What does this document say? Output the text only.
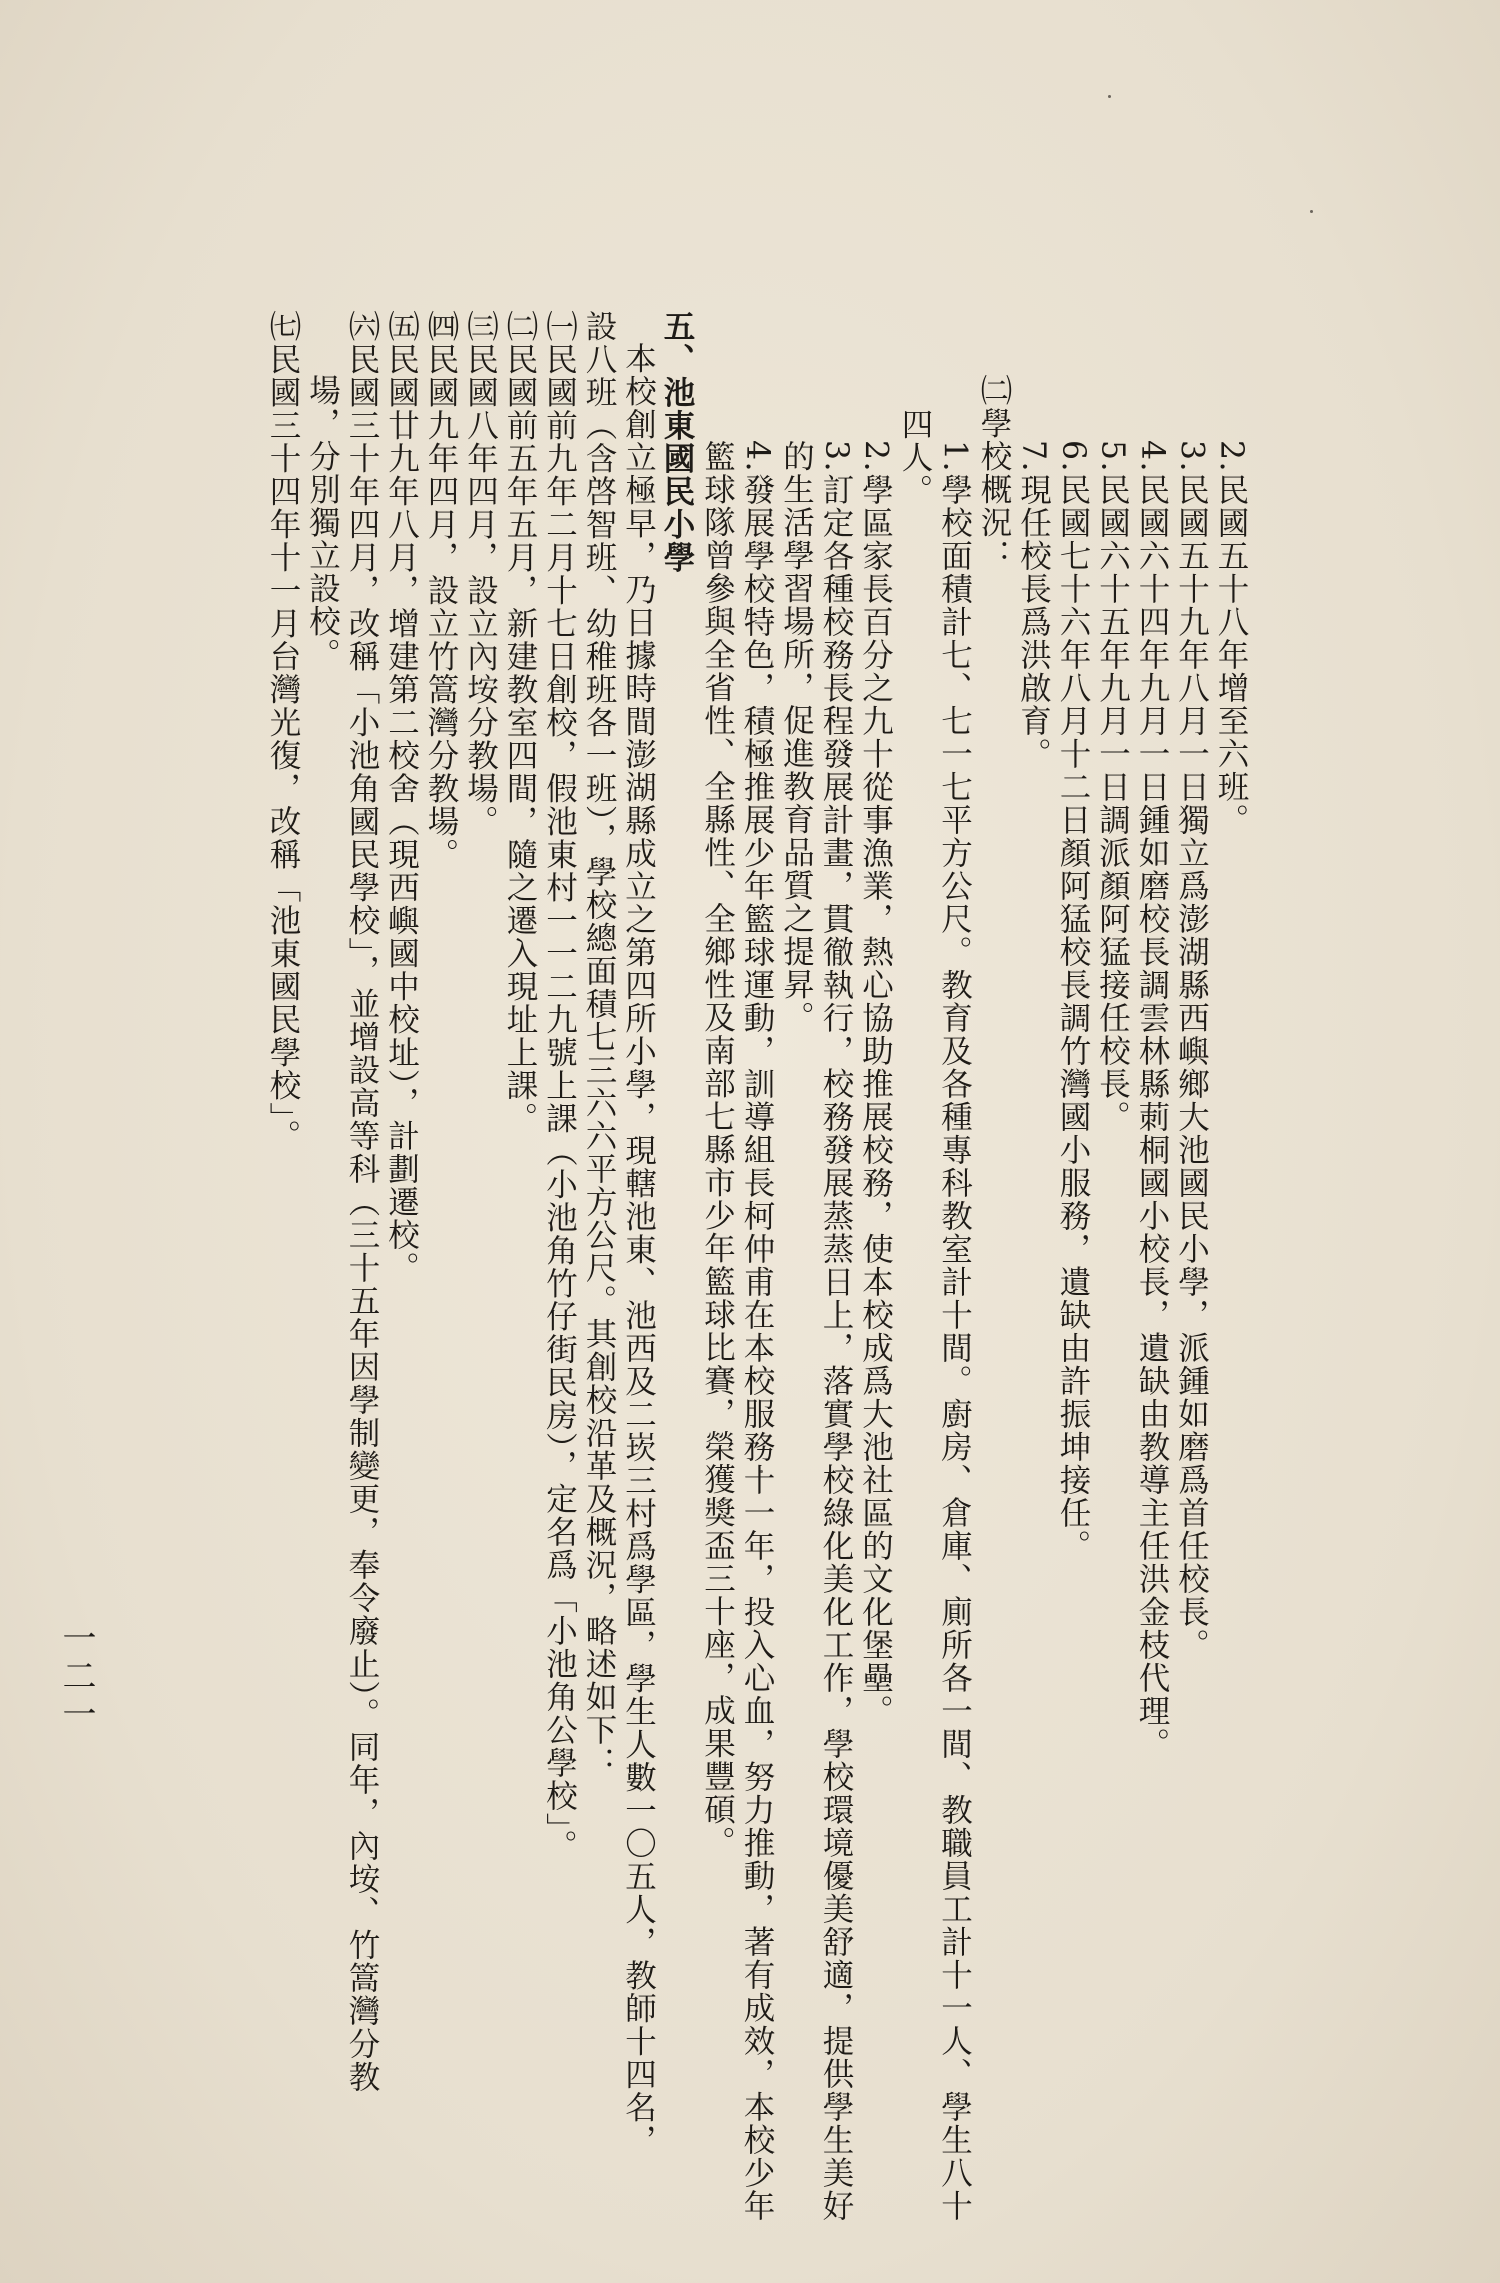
2.民國五十八年增至六班。
3.民國五十九年八月一日獨立爲澎湖縣西嶼鄉大池國民小學，派鍾如磨爲首任校長。
4.民國六十四年九月一日鍾如磨校長調雲林縣莿桐國小校長，遺缺由教導主任洪金枝代理。
5.民國六十五年九月一日調派顏阿猛接任校長。
6.民國七十六年八月十二日顏阿猛校長調竹灣國小服務，遺缺由許振坤接任。
7.現任校長爲洪啟育。
㈡學校概況：
1.學校面積計七、七一七平方公尺。教育及各種專科教室計十間。廚房、倉庫、廁所各一間、教職員工計十一人、學生八十
四人。
2.學區家長百分之九十從事漁業，熱心協助推展校務，使本校成爲大池社區的文化堡壘。
3.訂定各種校務長程發展計畫，貫徹執行，校務發展蒸蒸日上，落實學校綠化美化工作，學校環境優美舒適，提供學生美好
的生活學習場所，促進教育品質之提昇。
4.發展學校特色，積極推展少年籃球運動，訓導組長柯仲甫在本校服務十一年，投入心血，努力推動，著有成效，本校少年
籃球隊曾參與全省性、全縣性、全鄉性及南部七縣市少年籃球比賽，榮獲獎盃三十座，成果豐碩。
五、池東國民小學
本校創立極早，乃日據時間澎湖縣成立之第四所小學，現轄池東、池西及二崁三村爲學區，學生人數一〇五人，教師十四名，
設八班（含啓智班、幼稚班各一班），學校總面積七三六六平方公尺。其創校沿革及概況，略述如下：
㈠民國前九年二月十七日創校，假池東村一一二九號上課（小池角竹仔街民房），定名爲「小池角公學校」。
㈡民國前五年五月，新建教室四間，隨之遷入現址上課。
㈢民國八年四月，設立內垵分教場。
㈣民國九年四月，設立竹篙灣分教場。
㈤民國廿九年八月，增建第二校舍（現西嶼國中校址），計劃遷校。
㈥民國三十年四月，改稱「小池角國民學校」，並增設高等科（三十五年因學制變更，奉令廢止）。同年，內垵、竹篙灣分教
場，分別獨立設校。
㈦民國三十四年十一月台灣光復，改稱「池東國民學校」。
一二一
